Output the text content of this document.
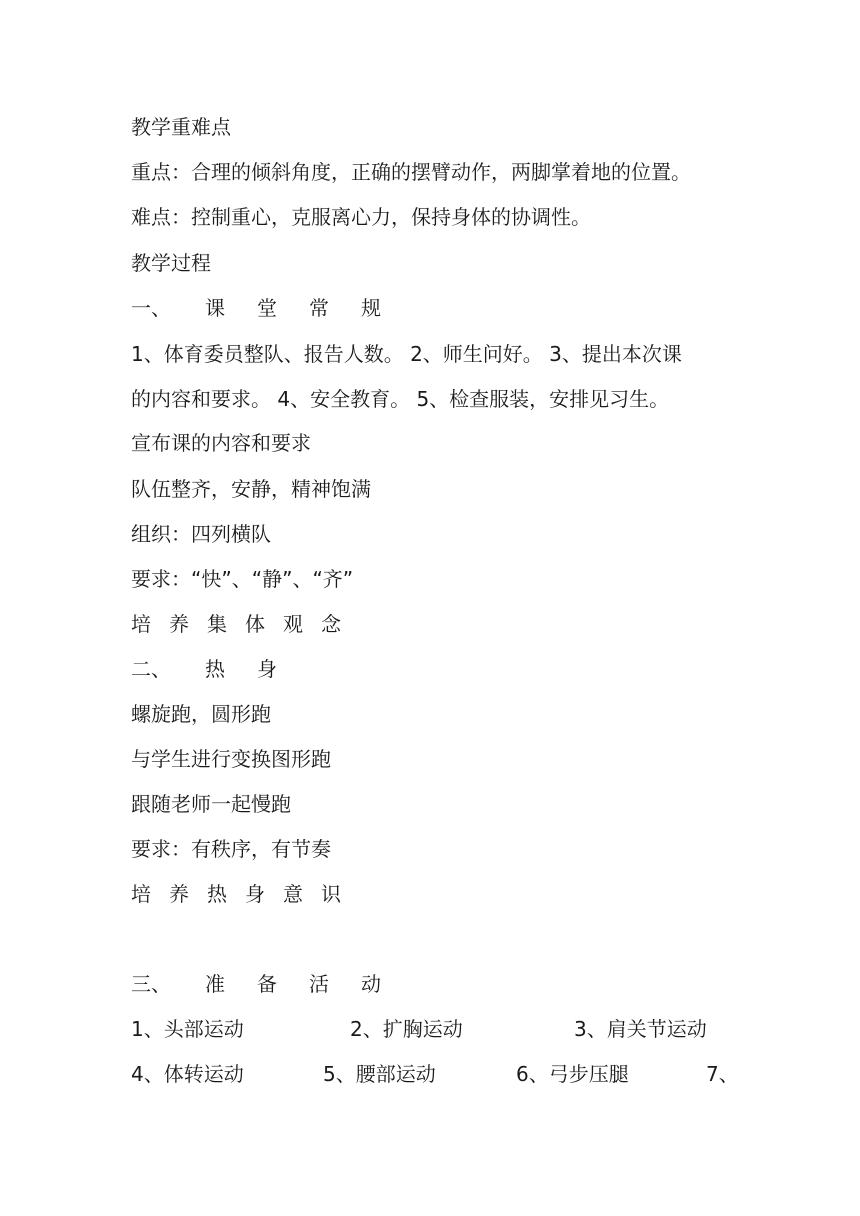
教学重难点

重点：合理的倾斜角度，正确的摆臂动作，两脚掌着地的位置。

难点：控制重心，克服离心力，保持身体的协调性。

教学过程

一、 课堂常规

1、体育委员整队、报告人数。 2、师生问好。 3、提出本次课

的内容和要求。 4、安全教育。 5、检查服装，安排见习生。

宣布课的内容和要求

队伍整齐，安静，精神饱满

组织：四列横队

要求：“快”、“静”、“齐”

培养集体观念

二、 热身

螺旋跑，圆形跑

与学生进行变换图形跑

跟随老师一起慢跑

要求：有秩序，有节奏

培养热身意识

三、 准备活动

1、头部运动	2、扩胸运动	3、肩关节运动
4、体转运动	5、腰部运动	6、弓步压腿	7、
